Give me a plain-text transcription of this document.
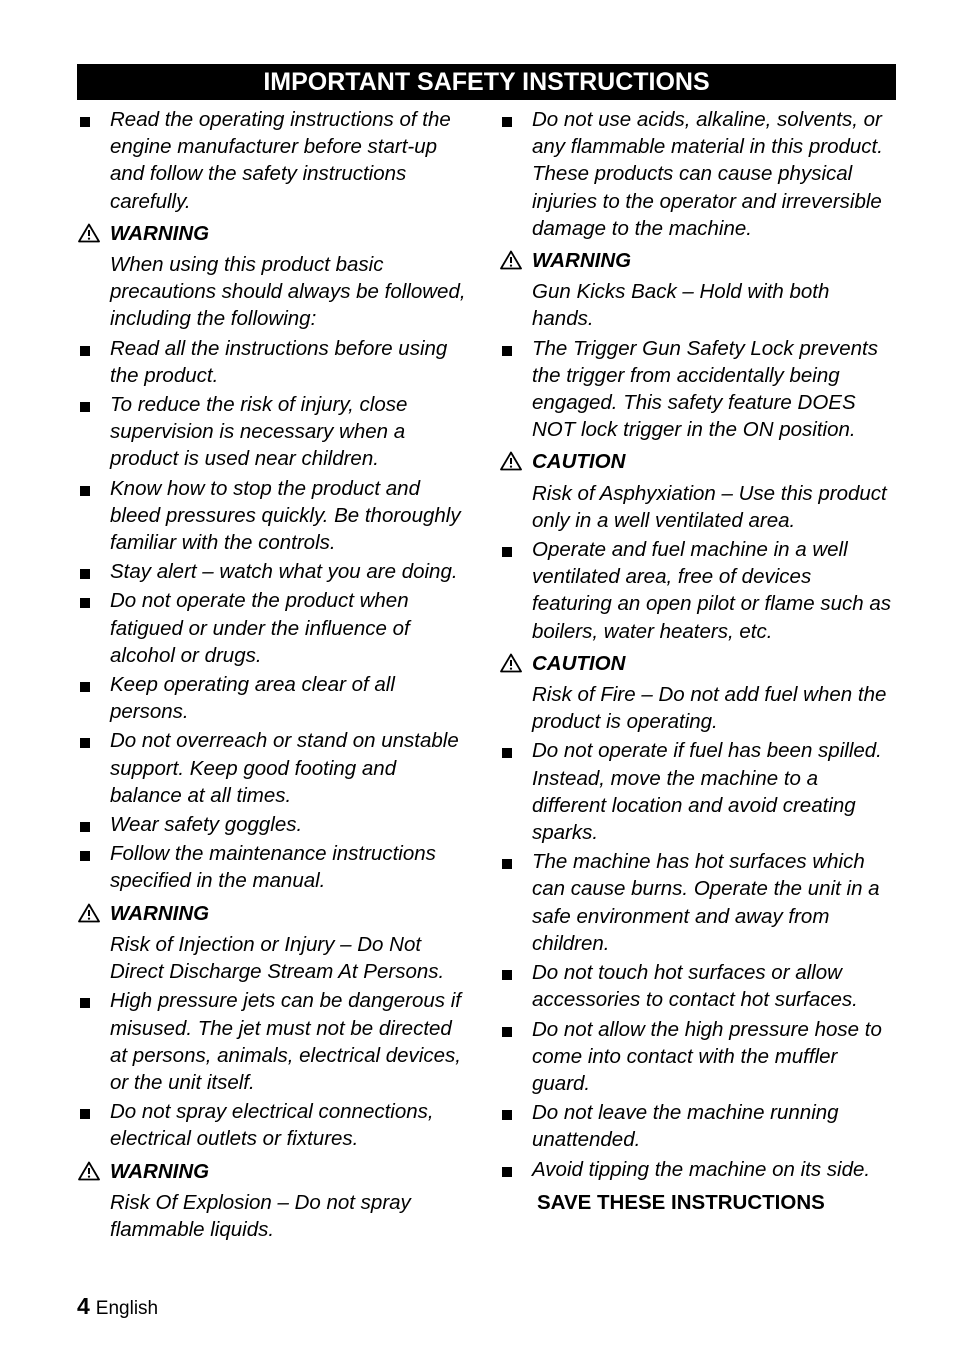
IMPORTANT SAFETY INSTRUCTIONS
Read the operating instructions of the engine manufacturer before start-up and follow the safety instructions carefully.
WARNING
When using this product basic precautions should always be followed, including the following:
Read all the instructions before using the product.
To reduce the risk of injury, close supervision is necessary when a product is used near children.
Know how to stop the product and bleed pressures quickly. Be thoroughly familiar with the controls.
Stay alert – watch what you are doing.
Do not operate the product when fatigued or under the influence of alcohol or drugs.
Keep operating area clear of all persons.
Do not overreach or stand on unstable support. Keep good footing and balance at all times.
Wear safety goggles.
Follow the maintenance instructions specified in the manual.
WARNING
Risk of Injection or Injury – Do Not Direct Discharge Stream At Persons.
High pressure jets can be dangerous if misused. The jet must not be directed at persons, animals, electrical devices, or the unit itself.
Do not spray electrical connections, electrical outlets or fixtures.
WARNING
Risk Of Explosion – Do not spray flammable liquids.
Do not use acids, alkaline, solvents, or any flammable material in this product. These products can cause physical injuries to the operator and irreversible damage to the machine.
WARNING
Gun Kicks Back – Hold with both hands.
The Trigger Gun Safety Lock prevents the trigger from accidentally being engaged. This safety feature DOES NOT lock trigger in the ON position.
CAUTION
Risk of Asphyxiation – Use this product only in a well ventilated area.
Operate and fuel machine in a well ventilated area, free of devices featuring an open pilot or flame such as boilers, water heaters, etc.
CAUTION
Risk of Fire – Do not add fuel when the product is operating.
Do not operate if fuel has been spilled. Instead, move the machine to a different location and avoid creating sparks.
The machine has hot surfaces which can cause burns. Operate the unit in a safe environment and away from children.
Do not touch hot surfaces or allow accessories to contact hot surfaces.
Do not allow the high pressure hose to come into contact with the muffler guard.
Do not leave the machine running unattended.
Avoid tipping the machine on its side.
SAVE THESE INSTRUCTIONS
4 English
